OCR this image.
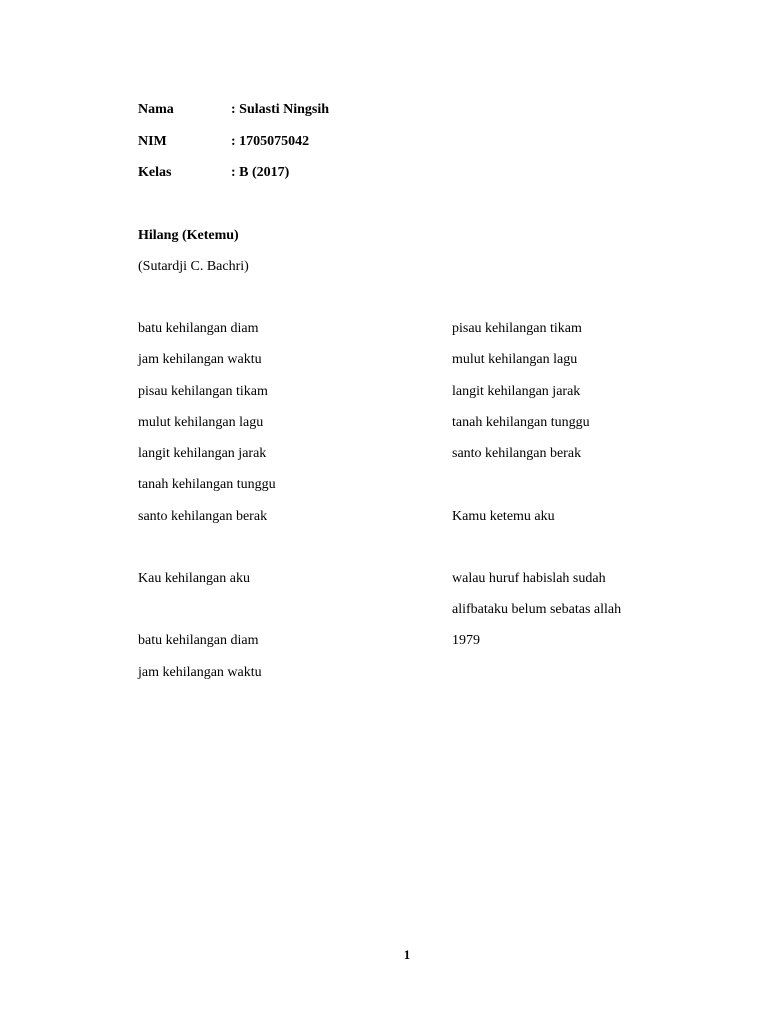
Nama	: Sulasti Ningsih
NIM	: 1705075042
Kelas	: B (2017)
Hilang (Ketemu)
(Sutardji C. Bachri)
batu kehilangan diam
jam kehilangan waktu
pisau kehilangan tikam
mulut kehilangan lagu
langit kehilangan jarak
tanah kehilangan tunggu
santo kehilangan berak
Kau kehilangan aku
batu kehilangan diam
jam kehilangan waktu
pisau kehilangan tikam
mulut kehilangan lagu
langit kehilangan jarak
tanah kehilangan tunggu
santo kehilangan berak
Kamu ketemu aku
walau huruf habislah sudah
alifbataku belum sebatas allah
1979
1
